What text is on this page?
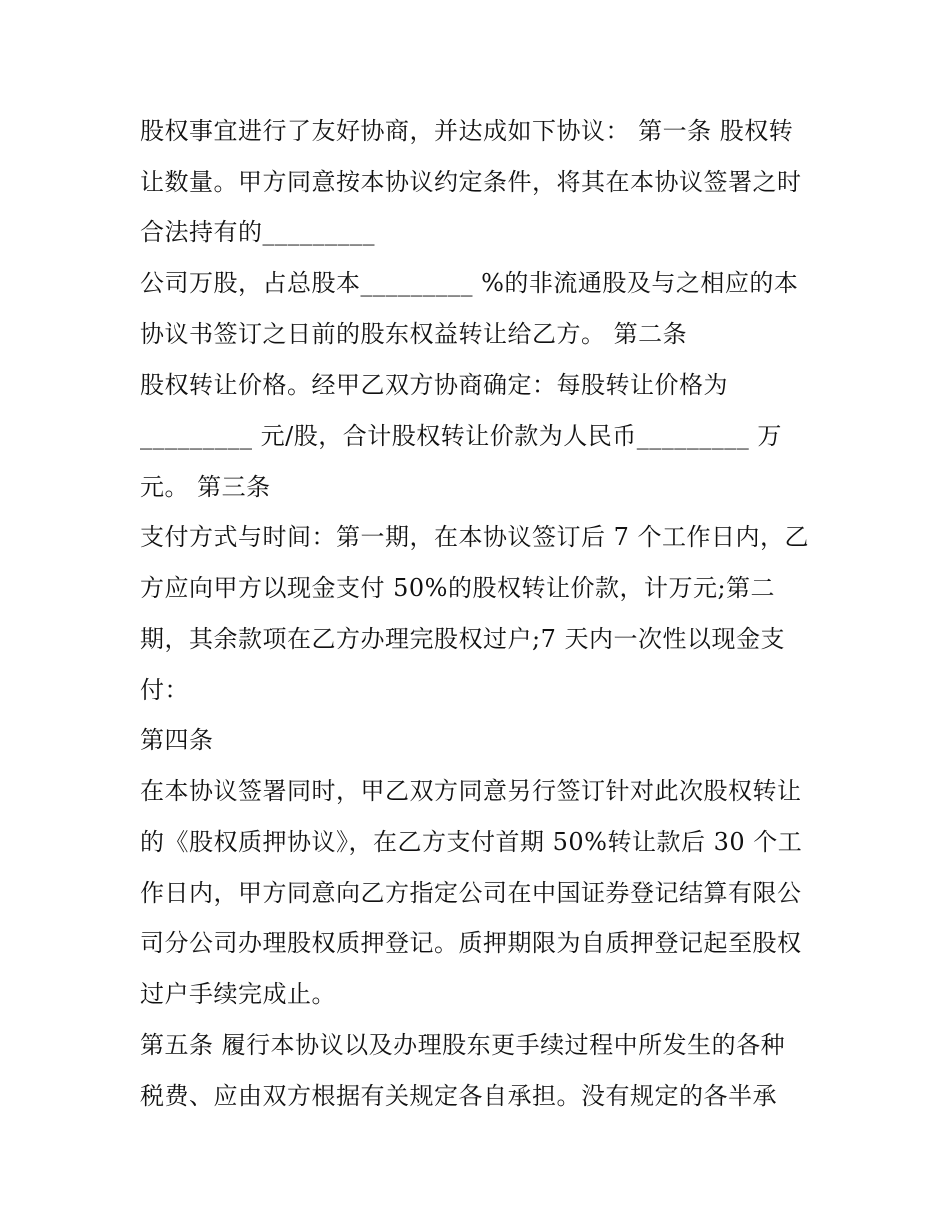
股权事宜进行了友好协商，并达成如下协议： 第一条 股权转
让数量。甲方同意按本协议约定条件，将其在本协议签署之时
合法持有的_________
公司万股，占总股本_________ %的非流通股及与之相应的本
协议书签订之日前的股东权益转让给乙方。 第二条
股权转让价格。经甲乙双方协商确定：每股转让价格为
_________ 元/股，合计股权转让价款为人民币_________ 万
元。 第三条
支付方式与时间：第一期，在本协议签订后 7 个工作日内，乙
方应向甲方以现金支付 50%的股权转让价款，计万元;第二
期，其余款项在乙方办理完股权过户;7 天内一次性以现金支
付：
第四条
在本协议签署同时，甲乙双方同意另行签订针对此次股权转让
的《股权质押协议》，在乙方支付首期 50%转让款后 30 个工
作日内，甲方同意向乙方指定公司在中国证券登记结算有限公
司分公司办理股权质押登记。质押期限为自质押登记起至股权
过户手续完成止。
第五条 履行本协议以及办理股东更手续过程中所发生的各种
税费、应由双方根据有关规定各自承担。没有规定的各半承
